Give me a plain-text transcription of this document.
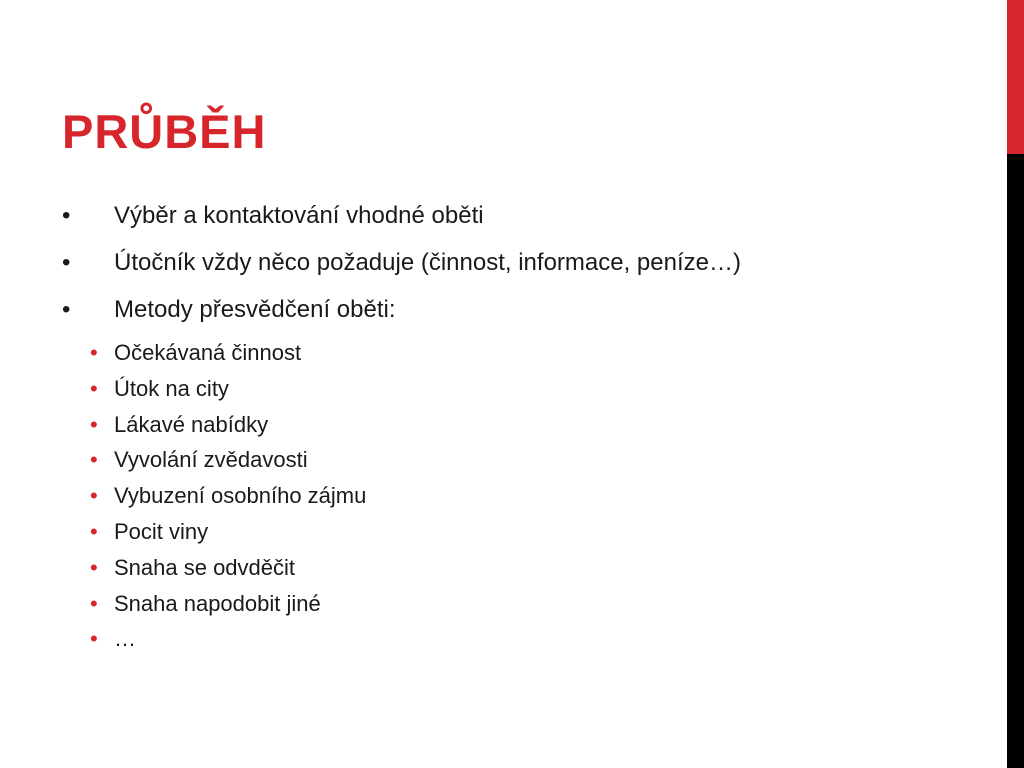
PRŮBĚH
•	Výběr a kontaktování vhodné oběti
•	Útočník vždy něco požaduje (činnost, informace, peníze…)
•	Metody přesvědčení oběti:
• Očekávaná činnost
• Útok na city
• Lákavé nabídky
• Vyvolání zvědavosti
• Vybuzení osobního zájmu
• Pocit viny
• Snaha se odvděčit
• Snaha napodobit jiné
• …
